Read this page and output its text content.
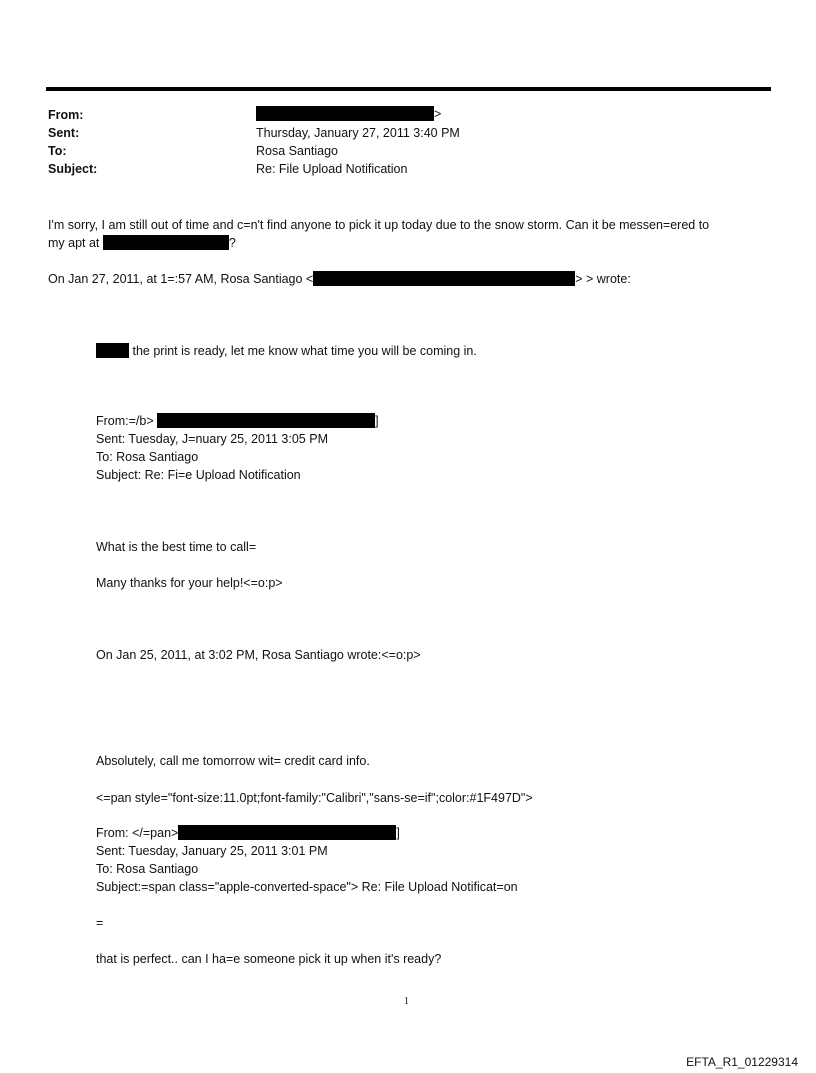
From:	>
Sent:	Thursday, January 27, 2011 3:40 PM
To:	Rosa Santiago
Subject:	Re: File Upload Notification
I'm sorry, I am still out of time and c=n't find anyone to pick it up today due to the snow storm. Can it be messen=ered to
my apt at	?
On Jan 27, 2011, at 1=:57 AM, Rosa Santiago <	> > wrote:
the print is ready, let me know what time you will be coming in.
From:=/b>	]
Sent: Tuesday, J=nuary 25, 2011 3:05 PM
To: Rosa Santiago
Subject: Re: Fi=e Upload Notification
What is the best time to call=
Many thanks for your help!<=o:p>
On Jan 25, 2011, at 3:02 PM, Rosa Santiago wrote:<=o:p>
Absolutely, call me tomorrow wit= credit card info.
<=pan style="font-size:11.0pt;font-family:"Calibri","sans-se=if";color:#1F497D">
From: </=pan>	]
Sent: Tuesday, January 25, 2011 3:01 PM
To: Rosa Santiago
Subject:=span class="apple-converted-space"> Re: File Upload Notificat=on
=
that is perfect.. can I ha=e someone pick it up when it's ready?
1
EFTA_R1_01229314
